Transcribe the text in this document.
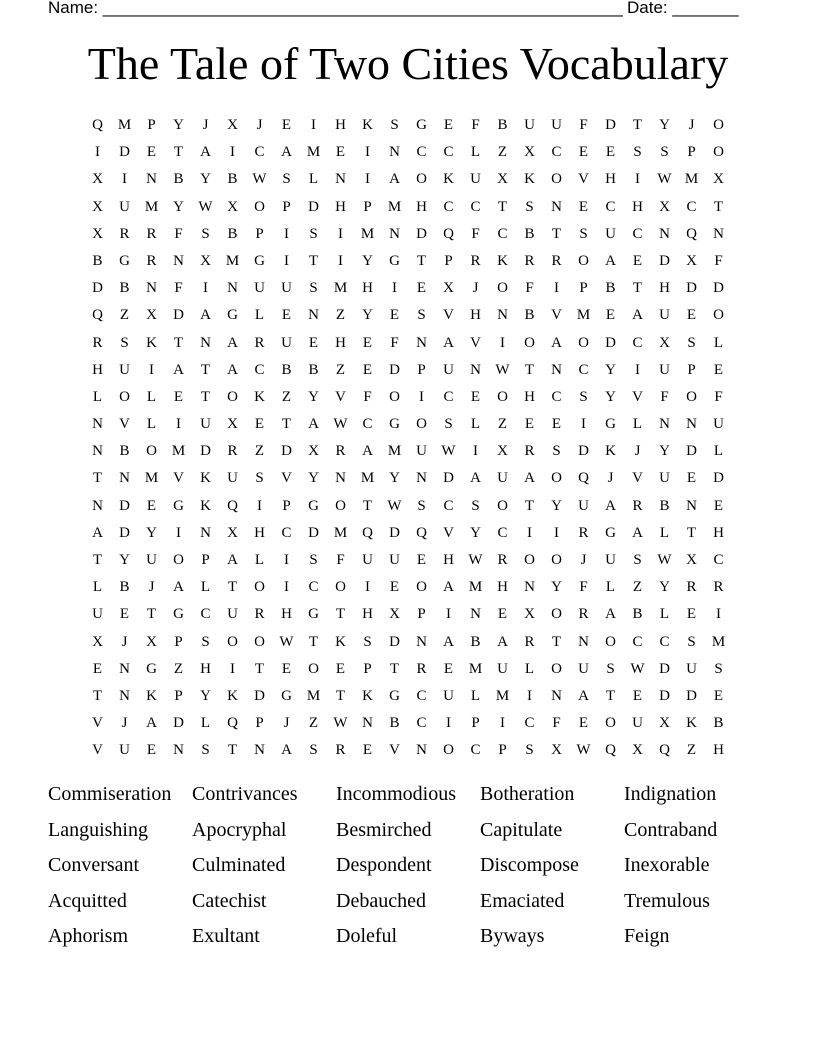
Name: _______________________________________________________ Date: _______
The Tale of Two Cities Vocabulary
Q M	P	Y	J	X	J	E	I	H	K	S	G	E	F	B	U	U	F	D	T	Y	J	O
I	D	E	T	A	I	C	A M	E	I	N	C	C	L	Z	X	C	E	E	S	S	P	O
X	I	N	B	Y	B W	S	L	N	I	A	O	K	U	X	K	O	V	H	I	W M X
X	U M Y W X	O	P	D	H	P	M H	C	C	T	S	N	E	C	H	X	C	T
X	R	R	F	S	B	P	I	S	I	M N	D	Q	F	C	B	T	S	U	C	N	Q	N
B	G	R	N	X M G	I	T	I	Y	G	T	P	R	K	R	R	O	A	E	D	X	F
D	B	N	F	I	N	U	U	S	M H	I	E	X	J	O	F	I	P	B	T	H	D	D
Q	Z	X	D	A	G	L	E	N	Z	Y	E	S	V	H	N	B	V M	E	A	U	E	O
R	S	K	T	N	A	R	U	E	H	E	F	N	A	V	I	O	A	O	D	C	X	S	L
H	U	I	A	T	A	C	B	B	Z	E	D	P	U	N W	T	N	C	Y	I	U	P	E
L	O	L	E	T	O	K	Z	Y	V	F	O	I	C	E	O	H	C	S	Y	V	F	O	F
N	V	L	I	U	X	E	T	A W C	G	O	S	L	Z	E	E	I	G	L	N	N	U
N	B	O M D	R	Z	D	X	R	A M U W	I	X	R	S	D	K	J	Y	D	L
T	N M V	K	U	S	V	Y	N M Y	N	D	A	U	A	O	Q	J	V	U	E	D
N	D	E	G	K	Q	I	P	G	O	T	W	S	C	S	O	T	Y	U	A	R	B	N	E
A	D	Y	I	N	X	H	C	D M Q	D	Q	V	Y	C	I	I	R	G	A	L	T	H
T	Y	U	O	P	A	L	I	S	F	U	U	E	H W R	O	O	J	U	S	W X	C
L	B	J	A	L	T	O	I	C	O	I	E	O	A M H	N	Y	F	L	Z	Y	R	R
U	E	T	G	C	U	R	H	G	T	H	X	P	I	N	E	X	O	R	A	B	L	E	I
X	J	X	P	S	O	O W	T	K	S	D	N	A	B	A	R	T	N	O	C	C	S	M
E	N	G	Z	H	I	T	E	O	E	P	T	R	E	M U	L	O	U	S	W D	U	S
T	N	K	P	Y	K	D	G M	T	K	G	C	U	L	M	I	N	A	T	E	D	D	E
V	J	A	D	L	Q	P	J	Z	W N	B	C	I	P	I	C	F	E	O	U	X	K	B
V	U	E	N	S	T	N	A	S	R	E	V	N	O	C	P	S	X W Q	X	Q	Z	H
Commiseration	Contrivances	Incommodious	Botheration	Indignation
Languishing	Apocryphal	Besmirched	Capitulate	Contraband
Conversant	Culminated	Despondent	Discompose	Inexorable
Acquitted	Catechist	Debauched	Emaciated	Tremulous
Aphorism	Exultant	Doleful	Byways	Feign
